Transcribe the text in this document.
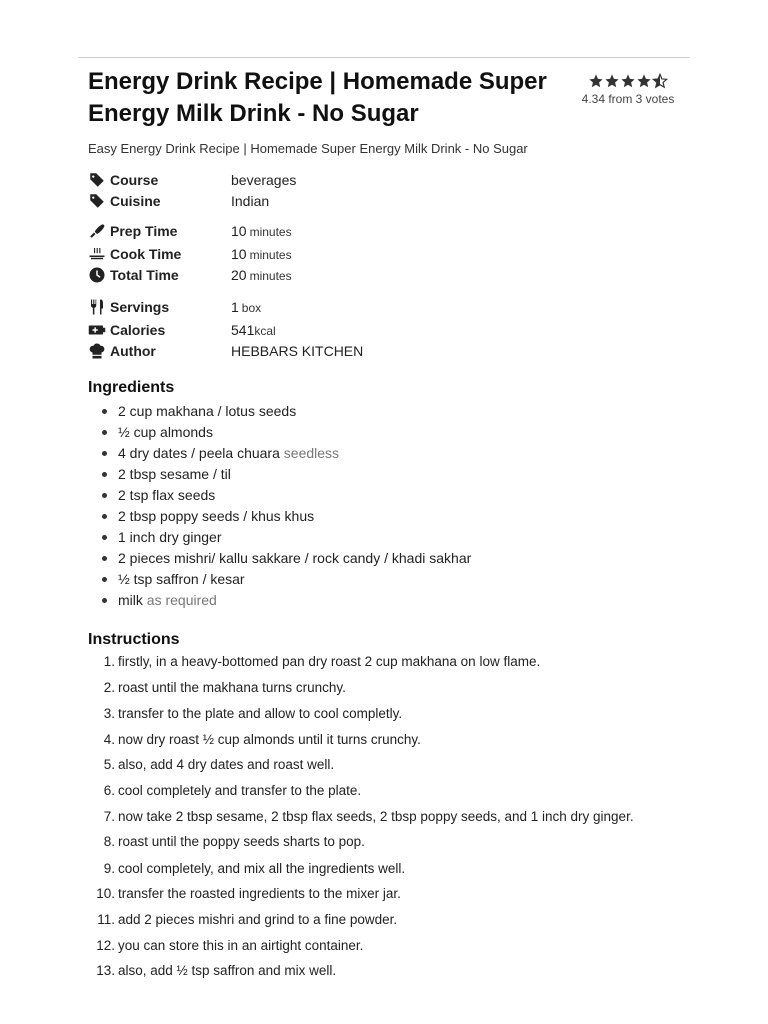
Energy Drink Recipe | Homemade Super Energy Milk Drink - No Sugar
4.34 from 3 votes
Easy Energy Drink Recipe | Homemade Super Energy Milk Drink - No Sugar
Course	beverages
Cuisine	Indian
Prep Time	10 minutes
Cook Time	10 minutes
Total Time	20 minutes
Servings	1 box
Calories	541kcal
Author	HEBBARS KITCHEN
Ingredients
2 cup makhana / lotus seeds
½ cup almonds
4 dry dates / peela chuara seedless
2 tbsp sesame / til
2 tsp flax seeds
2 tbsp poppy seeds / khus khus
1 inch dry ginger
2 pieces mishri/ kallu sakkare / rock candy / khadi sakhar
½ tsp saffron / kesar
milk as required
Instructions
1. firstly, in a heavy-bottomed pan dry roast 2 cup makhana on low flame.
2. roast until the makhana turns crunchy.
3. transfer to the plate and allow to cool completly.
4. now dry roast ½ cup almonds until it turns crunchy.
5. also, add 4 dry dates and roast well.
6. cool completely and transfer to the plate.
7. now take 2 tbsp sesame, 2 tbsp flax seeds, 2 tbsp poppy seeds, and 1 inch dry ginger.
8. roast until the poppy seeds sharts to pop.
9. cool completely, and mix all the ingredients well.
10. transfer the roasted ingredients to the mixer jar.
11. add 2 pieces mishri and grind to a fine powder.
12. you can store this in an airtight container.
13. also, add ½ tsp saffron and mix well.
